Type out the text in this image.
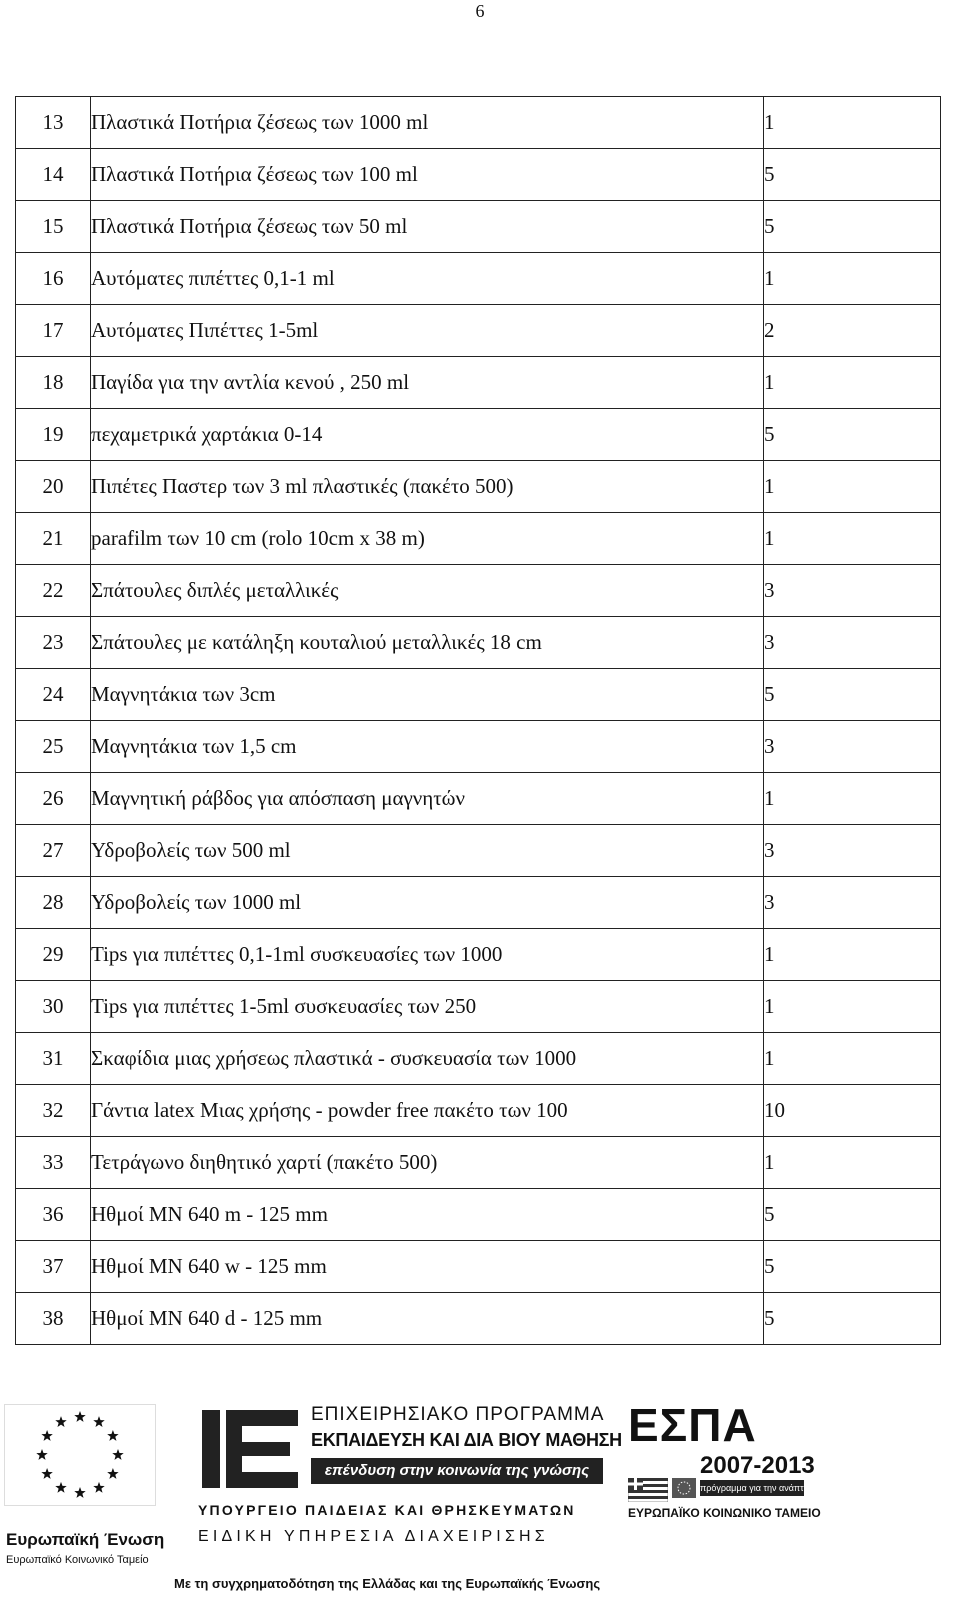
6
13	Πλαστικά Ποτήρια ζέσεως των 1000 ml	1
14	Πλαστικά Ποτήρια ζέσεως των 100 ml	5
15	Πλαστικά Ποτήρια ζέσεως των 50 ml	5
16	Αυτόματες πιπέττες 0,1-1 ml	1
17	Αυτόματες Πιπέττες 1-5ml	2
18	Παγίδα για την αντλία κενού , 250 ml	1
19	πεχαμετρικά χαρτάκια 0-14	5
20	Πιπέτες Παστερ των 3 ml πλαστικές (πακέτο 500)	1
21	parafilm των 10 cm (rolo 10cm x 38 m)	1
22	Σπάτουλες διπλές μεταλλικές	3
23	Σπάτουλες με κατάληξη κουταλιού μεταλλικές 18 cm	3
24	Μαγνητάκια των 3cm	5
25	Μαγνητάκια των 1,5 cm	3
26	Μαγνητική ράβδος για απόσπαση μαγνητών	1
27	Υδροβολείς των 500 ml	3
28	Υδροβολείς των 1000 ml	3
29	Tips για πιπέττες 0,1-1ml συσκευασίες των 1000	1
30	Tips για πιπέττες 1-5ml συσκευασίες των 250	1
31	Σκαφίδια μιας χρήσεως πλαστικά - συσκευασία των 1000	1
32	Γάντια latex Μιας χρήσης - powder free πακέτο των 100	10
33	Τετράγωνο διηθητικό χαρτί (πακέτο 500)	1
36	Ηθμοί MN 640 m - 125 mm	5
37	Ηθμοί MN 640 w - 125 mm	5
38	Ηθμοί MN 640 d - 125 mm	5
Ευρωπαϊκή Ένωση
Ευρωπαϊκό Κοινωνικό Ταμείο
ΕΠΙΧΕΙΡΗΣΙΑΚΟ ΠΡΟΓΡΑΜΜΑ
ΕΚΠΑΙΔΕΥΣΗ ΚΑΙ ΔΙΑ ΒΙΟΥ ΜΑΘΗΣΗ
επένδυση στην κοινωνία της γνώσης
ΥΠΟΥΡΓΕΙΟ ΠΑΙΔΕΙΑΣ ΚΑΙ ΘΡΗΣΚΕΥΜΑΤΩΝ
ΕΙΔΙΚΗ ΥΠΗΡΕΣΙΑ ΔΙΑΧΕΙΡΙΣΗΣ
ΕΣΠΑ
2007-2013
πρόγραμμα για την ανάπτυξη
ΕΥΡΩΠΑΪΚΟ ΚΟΙΝΩΝΙΚΟ ΤΑΜΕΙΟ
Με τη συγχρηματοδότηση της Ελλάδας και της Ευρωπαϊκής Ένωσης
